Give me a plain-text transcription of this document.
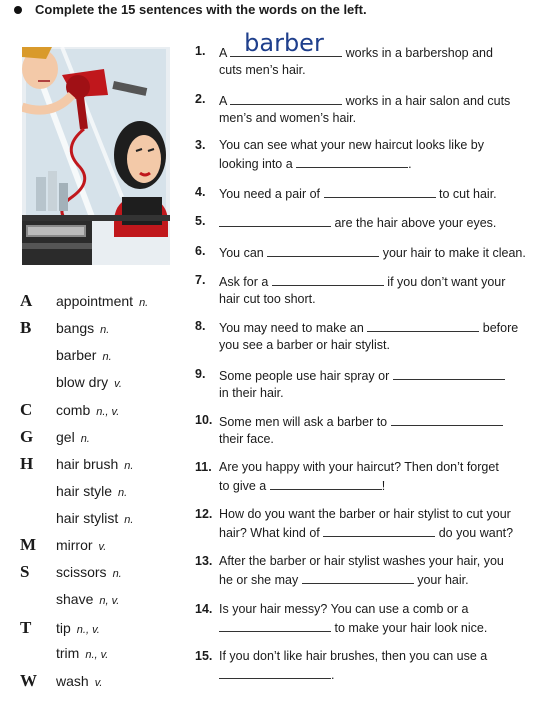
Complete the 15 sentences with the words on the left.
A	appointment n.
B	bangs n.
barber n.
blow dry v.
C	comb n., v.
G	gel n.
H	hair brush n.
hair style n.
hair stylist n.
M mirror v.
S	scissors n.
shave n, v.
T	tip n., v.
trim n., v.
W wash v.
1. A barber works in a barbershop and
cuts men’s hair.
2. A	works in a hair salon and cuts
men’s and women’s hair.
3. You can see what your new haircut looks like by
looking into a	.
4. You need a pair of	to cut hair.
5.	are the hair above your eyes.
6. You can	your hair to make it clean.
7. Ask for a	if you don’t want your
hair cut too short.
8. You may need to make an	before
you see a barber or hair stylist.
9. Some people use hair spray or
in their hair.
10. Some men will ask a barber to
their face.
11. Are you happy with your haircut? Then don’t forget
to give a	!
12. How do you want the barber or hair stylist to cut your
hair? What kind of	do you want?
13. After the barber or hair stylist washes your hair, you
he or she may	your hair.
14. Is your hair messy? You can use a comb or a
to make your hair look nice.
15. If you don’t like hair brushes, then you can use a
.
